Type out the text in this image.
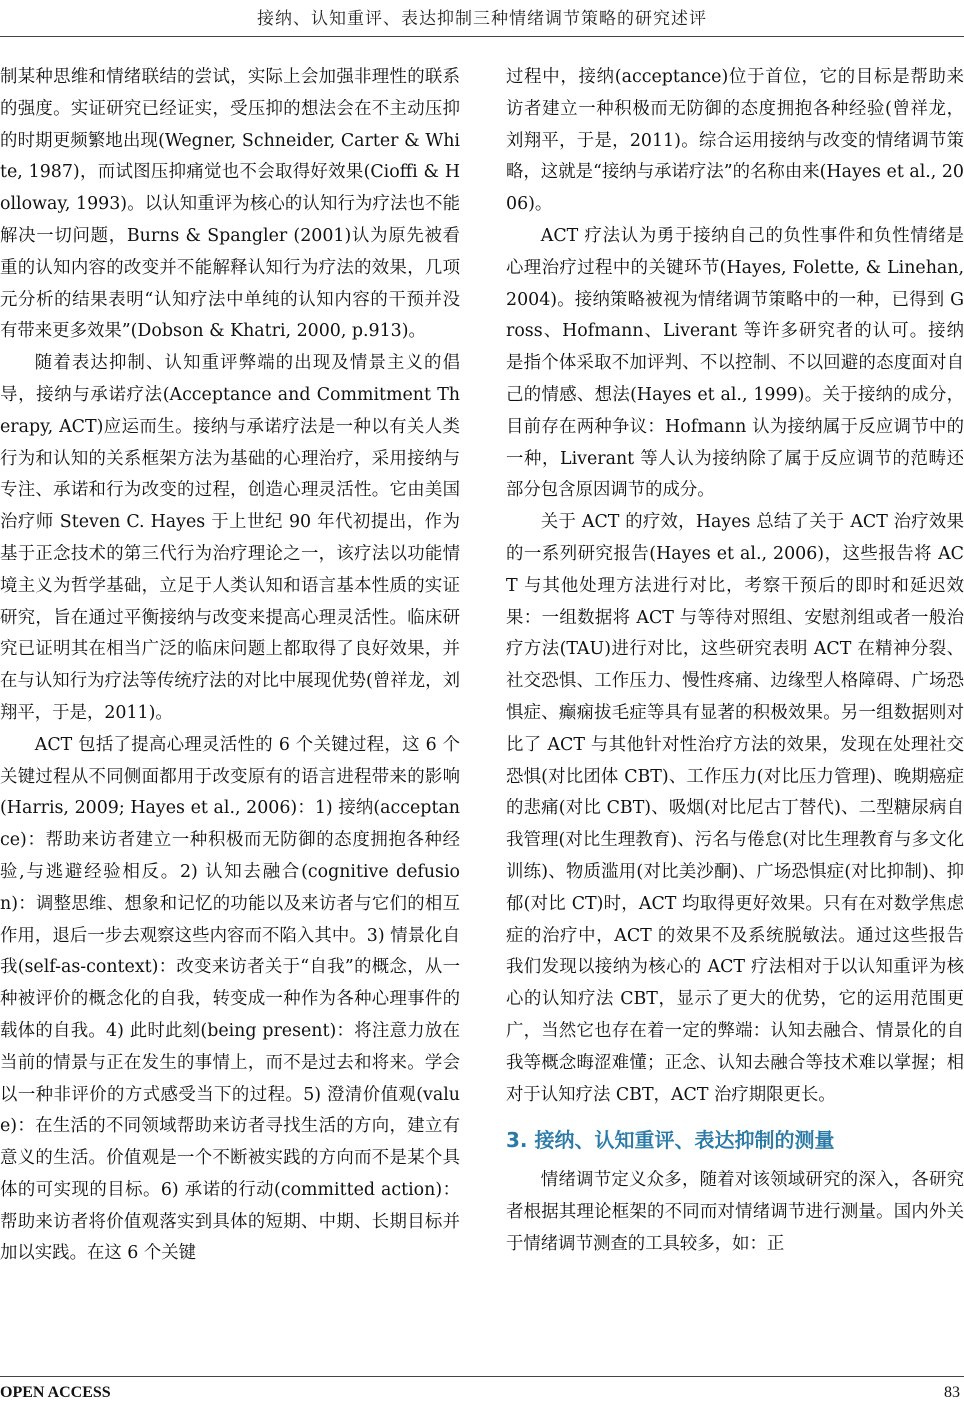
接纳、认知重评、表达抑制三种情绪调节策略的研究述评

制某种思维和情绪联结的尝试，实际上会加强非理性的联系的强度。实证研究已经证实，受压抑的想法会在不主动压抑的时期更频繁地出现(Wegner, Schneider, Carter & White, 1987)，而试图压抑痛觉也不会取得好效果(Cioffi & Holloway, 1993)。以认知重评为核心的认知行为疗法也不能解决一切问题，Burns & Spangler (2001)认为原先被看重的认知内容的改变并不能解释认知行为疗法的效果，几项元分析的结果表明“认知疗法中单纯的认知内容的干预并没有带来更多效果”(Dobson & Khatri, 2000, p.913)。

随着表达抑制、认知重评弊端的出现及情景主义的倡导，接纳与承诺疗法(Acceptance and Commitment Therapy, ACT)应运而生。接纳与承诺疗法是一种以有关人类行为和认知的关系框架方法为基础的心理治疗，采用接纳与专注、承诺和行为改变的过程，创造心理灵活性。它由美国治疗师 Steven C. Hayes 于上世纪 90 年代初提出，作为基于正念技术的第三代行为治疗理论之一，该疗法以功能情境主义为哲学基础，立足于人类认知和语言基本性质的实证研究，旨在通过平衡接纳与改变来提高心理灵活性。临床研究已证明其在相当广泛的临床问题上都取得了良好效果，并在与认知行为疗法等传统疗法的对比中展现优势(曾祥龙，刘翔平，于是，2011)。

ACT 包括了提高心理灵活性的 6 个关键过程，这 6 个关键过程从不同侧面都用于改变原有的语言进程带来的影响(Harris, 2009; Hayes et al., 2006)：1) 接纳(acceptance)：帮助来访者建立一种积极而无防御的态度拥抱各种经验,与逃避经验相反。2) 认知去融合(cognitive defusion)：调整思维、想象和记忆的功能以及来访者与它们的相互作用，退后一步去观察这些内容而不陷入其中。3) 情景化自我(self-as-context)：改变来访者关于“自我”的概念，从一种被评价的概念化的自我，转变成一种作为各种心理事件的载体的自我。4) 此时此刻(being present)：将注意力放在当前的情景与正在发生的事情上，而不是过去和将来。学会以一种非评价的方式感受当下的过程。5) 澄清价值观(value)：在生活的不同领域帮助来访者寻找生活的方向，建立有意义的生活。价值观是一个不断被实践的方向而不是某个具体的可实现的目标。6) 承诺的行动(committed action)：帮助来访者将价值观落实到具体的短期、中期、长期目标并加以实践。在这 6 个关键

过程中，接纳(acceptance)位于首位，它的目标是帮助来访者建立一种积极而无防御的态度拥抱各种经验(曾祥龙，刘翔平，于是，2011)。综合运用接纳与改变的情绪调节策略，这就是“接纳与承诺疗法”的名称由来(Hayes et al., 2006)。

ACT 疗法认为勇于接纳自己的负性事件和负性情绪是心理治疗过程中的关键环节(Hayes, Folette, & Linehan, 2004)。接纳策略被视为情绪调节策略中的一种，已得到 Gross、Hofmann、Liverant 等许多研究者的认可。接纳是指个体采取不加评判、不以控制、不以回避的态度面对自己的情感、想法(Hayes et al., 1999)。关于接纳的成分，目前存在两种争议：Hofmann 认为接纳属于反应调节中的一种，Liverant 等人认为接纳除了属于反应调节的范畴还部分包含原因调节的成分。

关于 ACT 的疗效，Hayes 总结了关于 ACT 治疗效果的一系列研究报告(Hayes et al., 2006)，这些报告将 ACT 与其他处理方法进行对比，考察干预后的即时和延迟效果：一组数据将 ACT 与等待对照组、安慰剂组或者一般治疗方法(TAU)进行对比，这些研究表明 ACT 在精神分裂、社交恐惧、工作压力、慢性疼痛、边缘型人格障碍、广场恐惧症、癫痫拔毛症等具有显著的积极效果。另一组数据则对比了 ACT 与其他针对性治疗方法的效果，发现在处理社交恐惧(对比团体 CBT)、工作压力(对比压力管理)、晚期癌症的悲痛(对比 CBT)、吸烟(对比尼古丁替代)、二型糖尿病自我管理(对比生理教育)、污名与倦怠(对比生理教育与多文化训练)、物质滥用(对比美沙酮)、广场恐惧症(对比抑制)、抑郁(对比 CT)时，ACT 均取得更好效果。只有在对数学焦虑症的治疗中，ACT 的效果不及系统脱敏法。通过这些报告我们发现以接纳为核心的 ACT 疗法相对于以认知重评为核心的认知疗法 CBT，显示了更大的优势，它的运用范围更广，当然它也存在着一定的弊端：认知去融合、情景化的自我等概念晦涩难懂；正念、认知去融合等技术难以掌握；相对于认知疗法 CBT，ACT 治疗期限更长。

3. 接纳、认知重评、表达抑制的测量

情绪调节定义众多，随着对该领域研究的深入，各研究者根据其理论框架的不同而对情绪调节进行测量。国内外关于情绪调节测查的工具较多，如：正

OPEN ACCESS	83
